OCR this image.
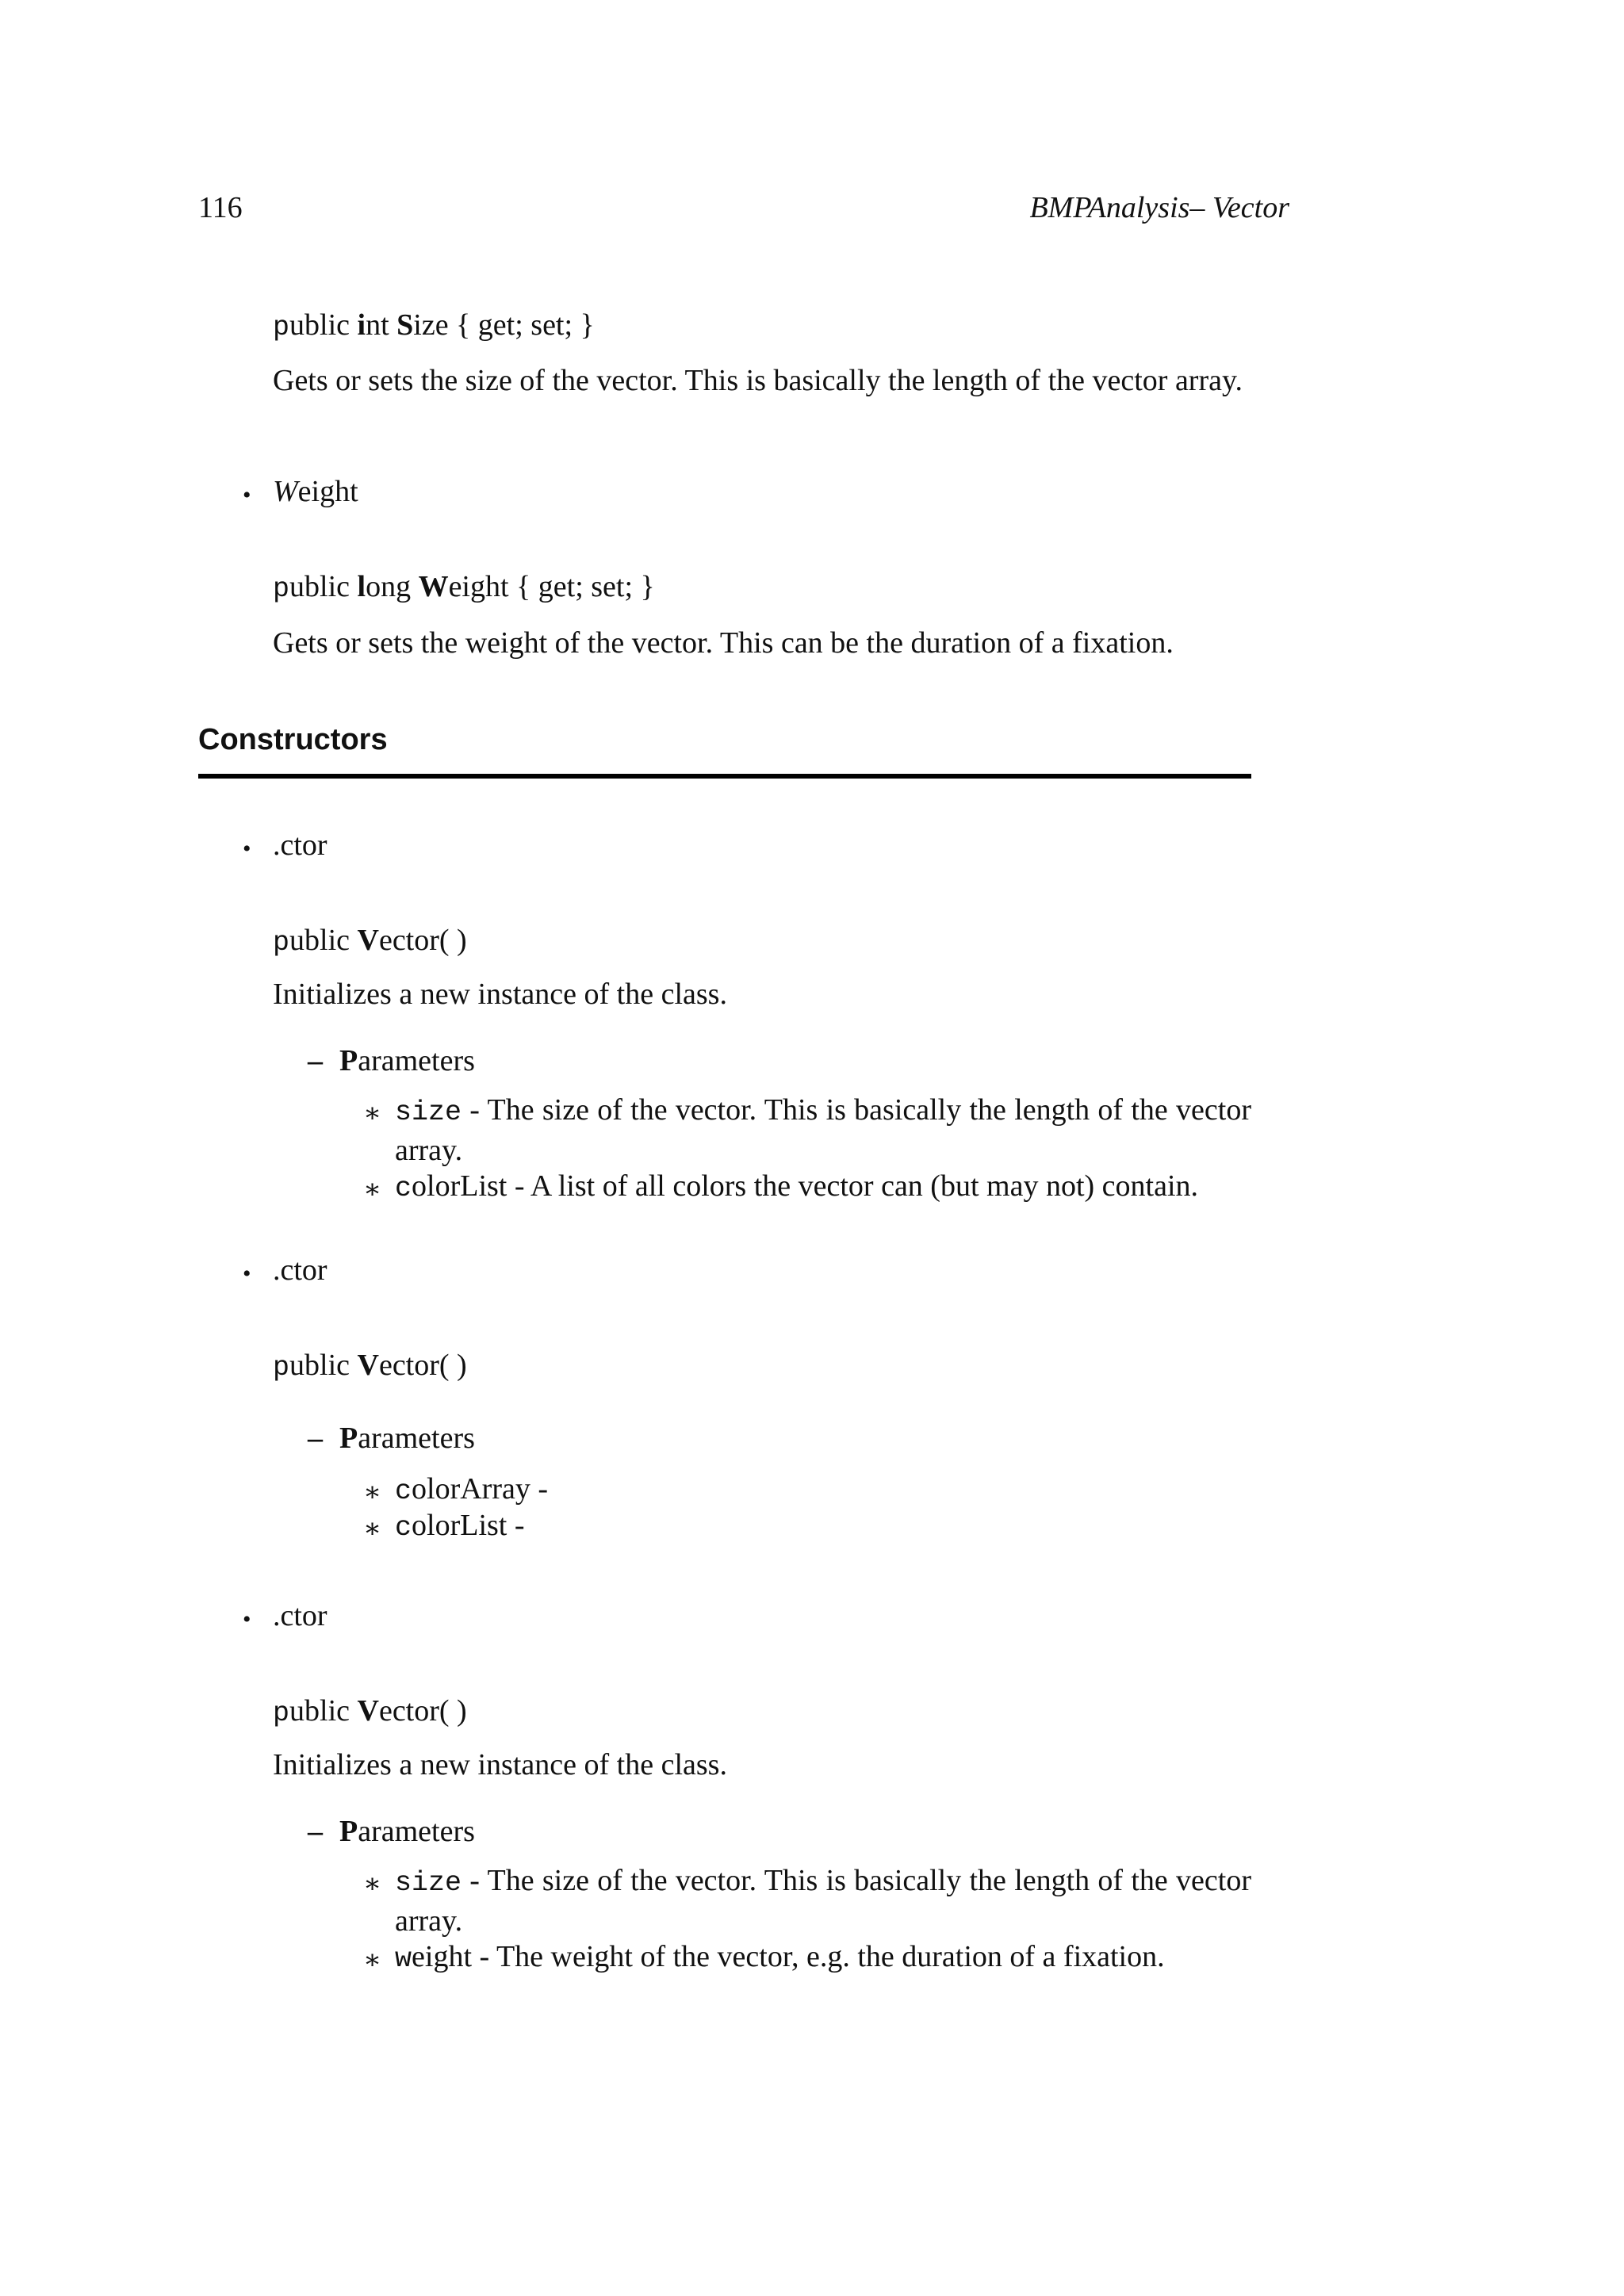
116	BMPAnalysis– Vector
public int Size { get; set; }
Gets or sets the size of the vector. This is basically the length of the vector array.
• Weight
public long Weight { get; set; }
Gets or sets the weight of the vector. This can be the duration of a fixation.
Constructors
• .ctor
public Vector( )
Initializes a new instance of the class.
– Parameters
∗ size - The size of the vector. This is basically the length of the vector array.
∗ colorList - A list of all colors the vector can (but may not) contain.
• .ctor
public Vector( )
– Parameters
∗ colorArray -
∗ colorList -
• .ctor
public Vector( )
Initializes a new instance of the class.
– Parameters
∗ size - The size of the vector. This is basically the length of the vector array.
∗ weight - The weight of the vector, e.g. the duration of a fixation.
